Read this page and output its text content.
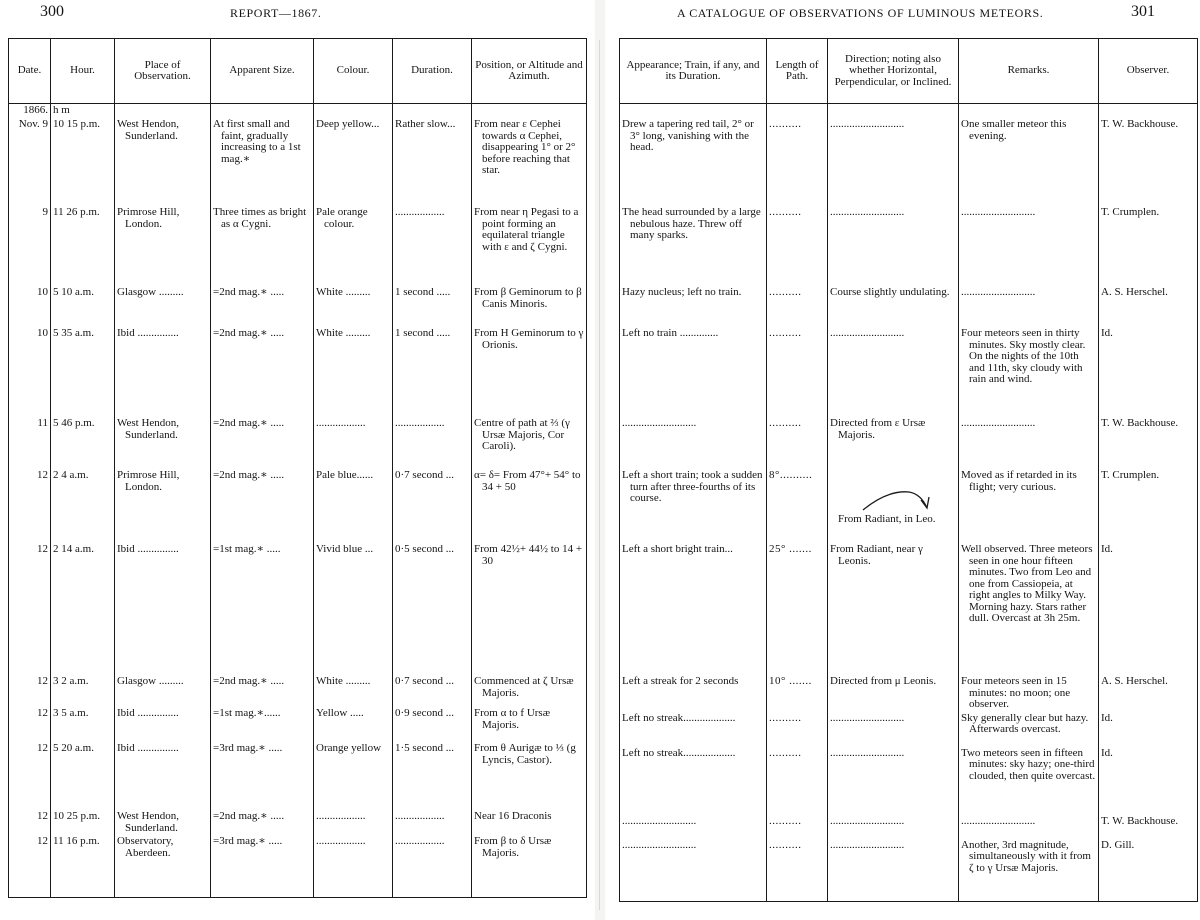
300	REPORT—1867.
Date.	Hour.	Place of Observation.	Apparent Size.	Colour.	Duration.	Position, or Altitude and Azimuth.
1866.	h m					
Nov. 9	10 15 p.m.	West Hendon, Sunderland.	At first small and faint, gradually increasing to a 1st mag.∗	Deep yellow...	Rather slow...	From near ε Cephei towards α Cephei, disappearing 1° or 2° before reaching that star.
9	11 26 p.m.	Primrose Hill, London.	Three times as bright as α Cygni.	Pale orange colour.	..................	From near η Pegasi to a point forming an equilateral triangle with ε and ζ Cygni.
10	5 10 a.m.	Glasgow .........	=2nd mag.∗ .....	White .........	1 second .....	From β Geminorum to β Canis Minoris.
10	5 35 a.m.	Ibid ...............	=2nd mag.∗ .....	White .........	1 second .....	From H Geminorum to γ Orionis.
11	5 46 p.m.	West Hendon, Sunderland.	=2nd mag.∗ .....	..................	..................	Centre of path at ⅔ (γ Ursæ Majoris, Cor Caroli).
12	2 4 a.m.	Primrose Hill, London.	=2nd mag.∗ .....	Pale blue......	0·7 second ...	α= δ= From 47°+ 54° to 34 + 50
12	2 14 a.m.	Ibid ...............	=1st mag.∗ .....	Vivid blue ...	0·5 second ...	From 42½+ 44½ to 14 + 30
12	3 2 a.m.	Glasgow .........	=2nd mag.∗ .....	White .........	0·7 second ...	Commenced at ζ Ursæ Majoris.
12	3 5 a.m.	Ibid ...............	=1st mag.∗......	Yellow .....	0·9 second ...	From α to f Ursæ Majoris.
12	5 20 a.m.	Ibid ...............	=3rd mag.∗ .....	Orange yellow	1·5 second ...	From θ Aurigæ to ⅓ (g Lyncis, Castor).
12	10 25 p.m.	West Hendon, Sunderland.	=2nd mag.∗ .....	..................	..................	Near 16 Draconis
12	11 16 p.m.	Observatory, Aberdeen.	=3rd mag.∗ .....	..................	..................	From β to δ Ursæ Majoris.
A CATALOGUE OF OBSERVATIONS OF LUMINOUS METEORS.	301
Appearance; Train, if any, and its Duration.	Length of Path.	Direction; noting also whether Horizontal, Perpendicular, or Inclined.	Remarks.	Observer.

Drew a tapering red tail, 2° or 3° long, vanishing with the head.	..........	...........................	One smaller meteor this evening.	T. W. Backhouse.
The head surrounded by a large nebulous haze. Threw off many sparks.	..........	...........................	...........................	T. Crumplen.
Hazy nucleus; left no train.	..........	Course slightly undulating.	...........................	A. S. Herschel.
Left no train ..............	..........	...........................	Four meteors seen in thirty minutes. Sky mostly clear. On the nights of the 10th and 11th, sky cloudy with rain and wind.	Id.
...........................	..........	Directed from ε Ursæ Majoris.	...........................	T. W. Backhouse.
Left a short train; took a sudden turn after three-fourths of its course.	8°..........	From Radiant, in Leo.	Moved as if retarded in its flight; very curious.	T. Crumplen.
Left a short bright train...	25° .......	From Radiant, near γ Leonis.	Well observed. Three meteors seen in one hour fifteen minutes. Two from Leo and one from Cassiopeia, at right angles to Milky Way. Morning hazy. Stars rather dull. Overcast at 3h 25m.	Id.
Left a streak for 2 seconds	10° .......	Directed from μ Leonis.	Four meteors seen in 15 minutes: no moon; one observer.	A. S. Herschel.
Left no streak...................	..........	...........................	Sky generally clear but hazy. Afterwards overcast.	Id.
Left no streak...................	..........	...........................	Two meteors seen in fifteen minutes: sky hazy; one-third clouded, then quite overcast.	Id.
...........................	..........	...........................	...........................	T. W. Backhouse.
...........................	..........	...........................	Another, 3rd magnitude, simultaneously with it from ζ to γ Ursæ Majoris.	D. Gill.
